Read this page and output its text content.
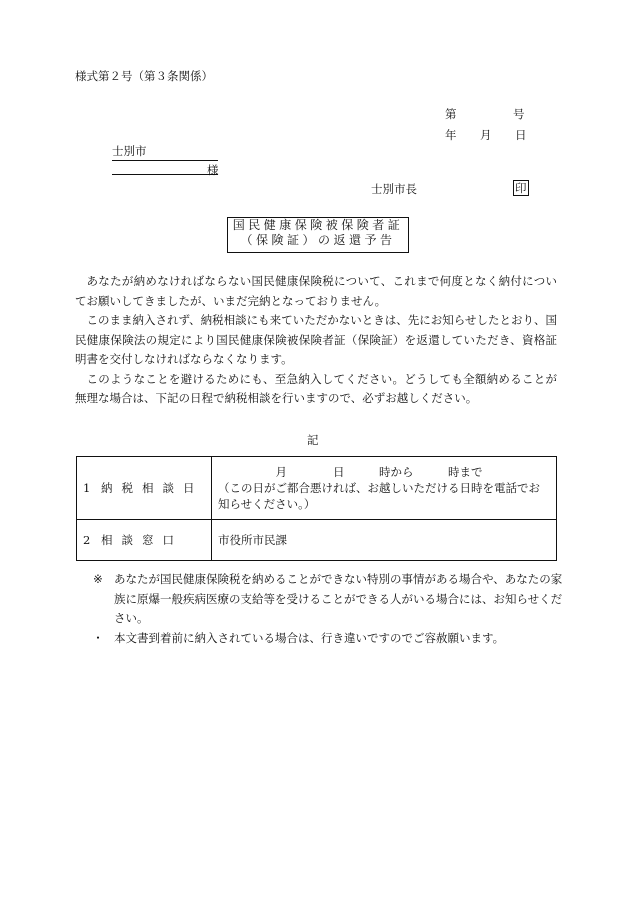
様式第２号（第３条関係）
第	号
年 月 日
士別市
様
士別市長	印
国民健康保険被保険者証
（保険証）の返還予告

あなたが納めなければならない国民健康保険税について、これまで何度となく納付についてお願いしてきましたが、いまだ完納となっておりません。

このまま納入されず、納税相談にも来ていただかないときは、先にお知らせしたとおり、国民健康保険法の規定により国民健康保険被保険者証（保険証）を返還していただき、資格証明書を交付しなければならなくなります。

このようなことを避けるためにも、至急納入してください。どうしても全額納めることが無理な場合は、下記の日程で納税相談を行いますので、必ずお越しください。

記
1 納税相談日	　　　　　月　　　　日　　　時から　　　時まで
（この日がご都合悪ければ、お越しいただける日時を電話でお知らせください。）

2 相談窓口	市役所市民課

※ あなたが国民健康保険税を納めることができない特別の事情がある場合や、あなたの家族に原爆一般疾病医療の支給等を受けることができる人がいる場合には、お知らせください。

・ 本文書到着前に納入されている場合は、行き違いですのでご容赦願います。
